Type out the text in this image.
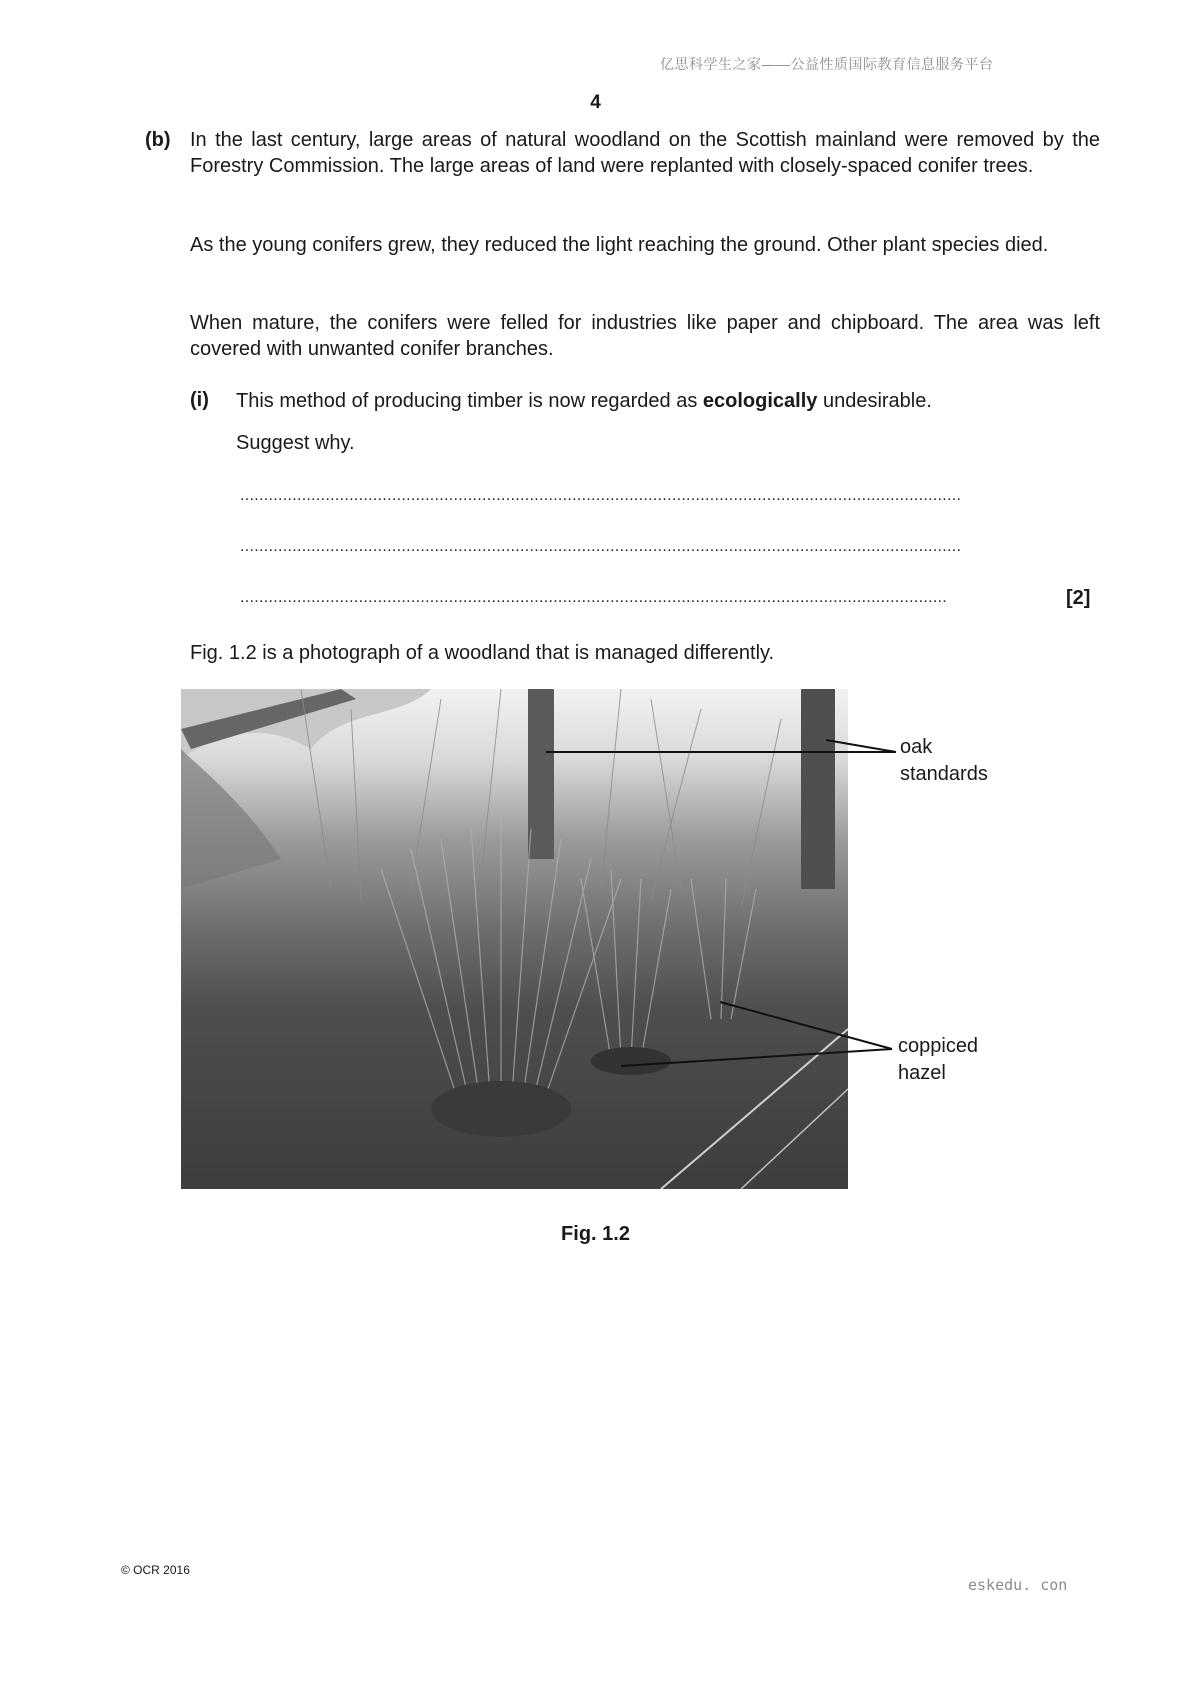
亿思科学生之家——公益性质国际教育信息服务平台
4
(b) In the last century, large areas of natural woodland on the Scottish mainland were removed by the Forestry Commission. The large areas of land were replanted with closely-spaced conifer trees.
As the young conifers grew, they reduced the light reaching the ground. Other plant species died.
When mature, the conifers were felled for industries like paper and chipboard. The area was left covered with unwanted conifer branches.
(i) This method of producing timber is now regarded as ecologically undesirable.
Suggest why.
........................................................................................................................................................
........................................................................................................................................................
.....................................................................................................................................................	[2]
Fig. 1.2 is a photograph of a woodland that is managed differently.
oak
standards
coppiced
hazel
Fig. 1.2
© OCR 2016
eskedu. con
